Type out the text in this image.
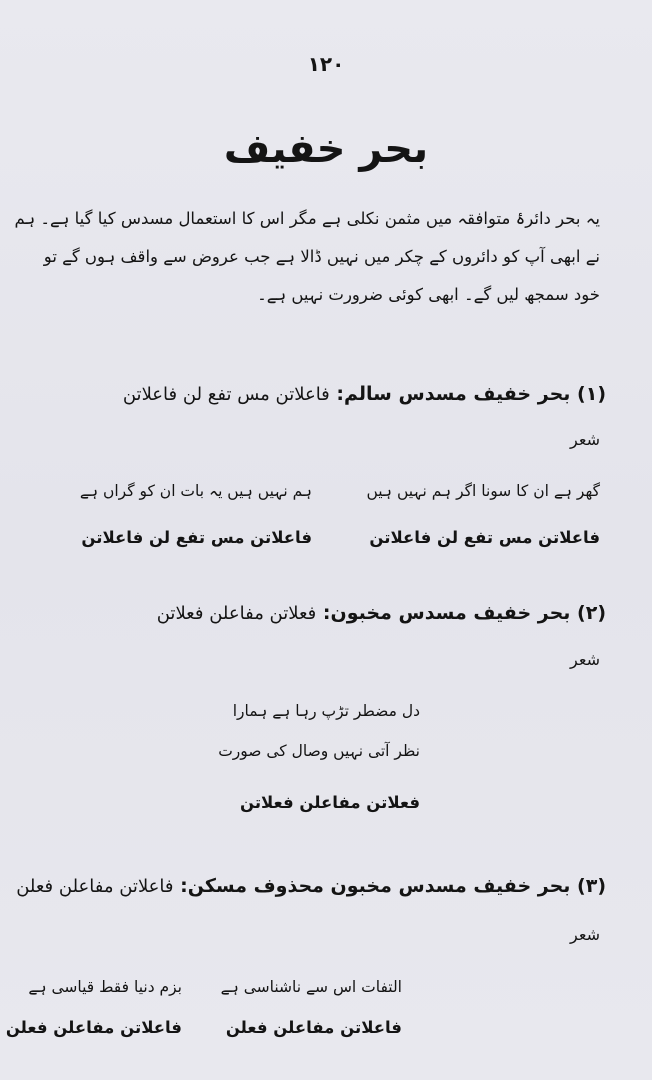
۱۲۰
بحر خفیف
یہ بحر دائرۂ متوافقہ میں مثمن نکلی ہے مگر اس کا استعمال مسدس کیا گیا ہے۔ ہم
نے ابھی آپ کو دائروں کے چکر میں نہیں ڈالا ہے جب عروض سے واقف ہوں گے تو
خود سمجھ لیں گے۔ ابھی کوئی ضرورت نہیں ہے۔
(۱) بحر خفیف مسدس سالم: فاعلاتن مس تفع لن فاعلاتن
شعر
گھر ہے ان کا سونا اگر ہم نہیں ہیں
ہم نہیں ہیں یہ بات ان کو گراں ہے
فاعلاتن مس تفع لن فاعلاتن
فاعلاتن مس تفع لن فاعلاتن
(۲) بحر خفیف مسدس مخبون: فعلاتن مفاعلن فعلاتن
شعر
دل مضطر تڑپ رہا ہے ہمارا
نظر آتی نہیں وصال کی صورت
فعلاتن مفاعلن فعلاتن
(۳) بحر خفیف مسدس مخبون محذوف مسکن: فاعلاتن مفاعلن فعلن
شعر
التفات اس سے ناشناسی ہے
بزم دنیا فقط قیاسی ہے
فاعلاتن مفاعلن فعلن
فاعلاتن مفاعلن فعلن
